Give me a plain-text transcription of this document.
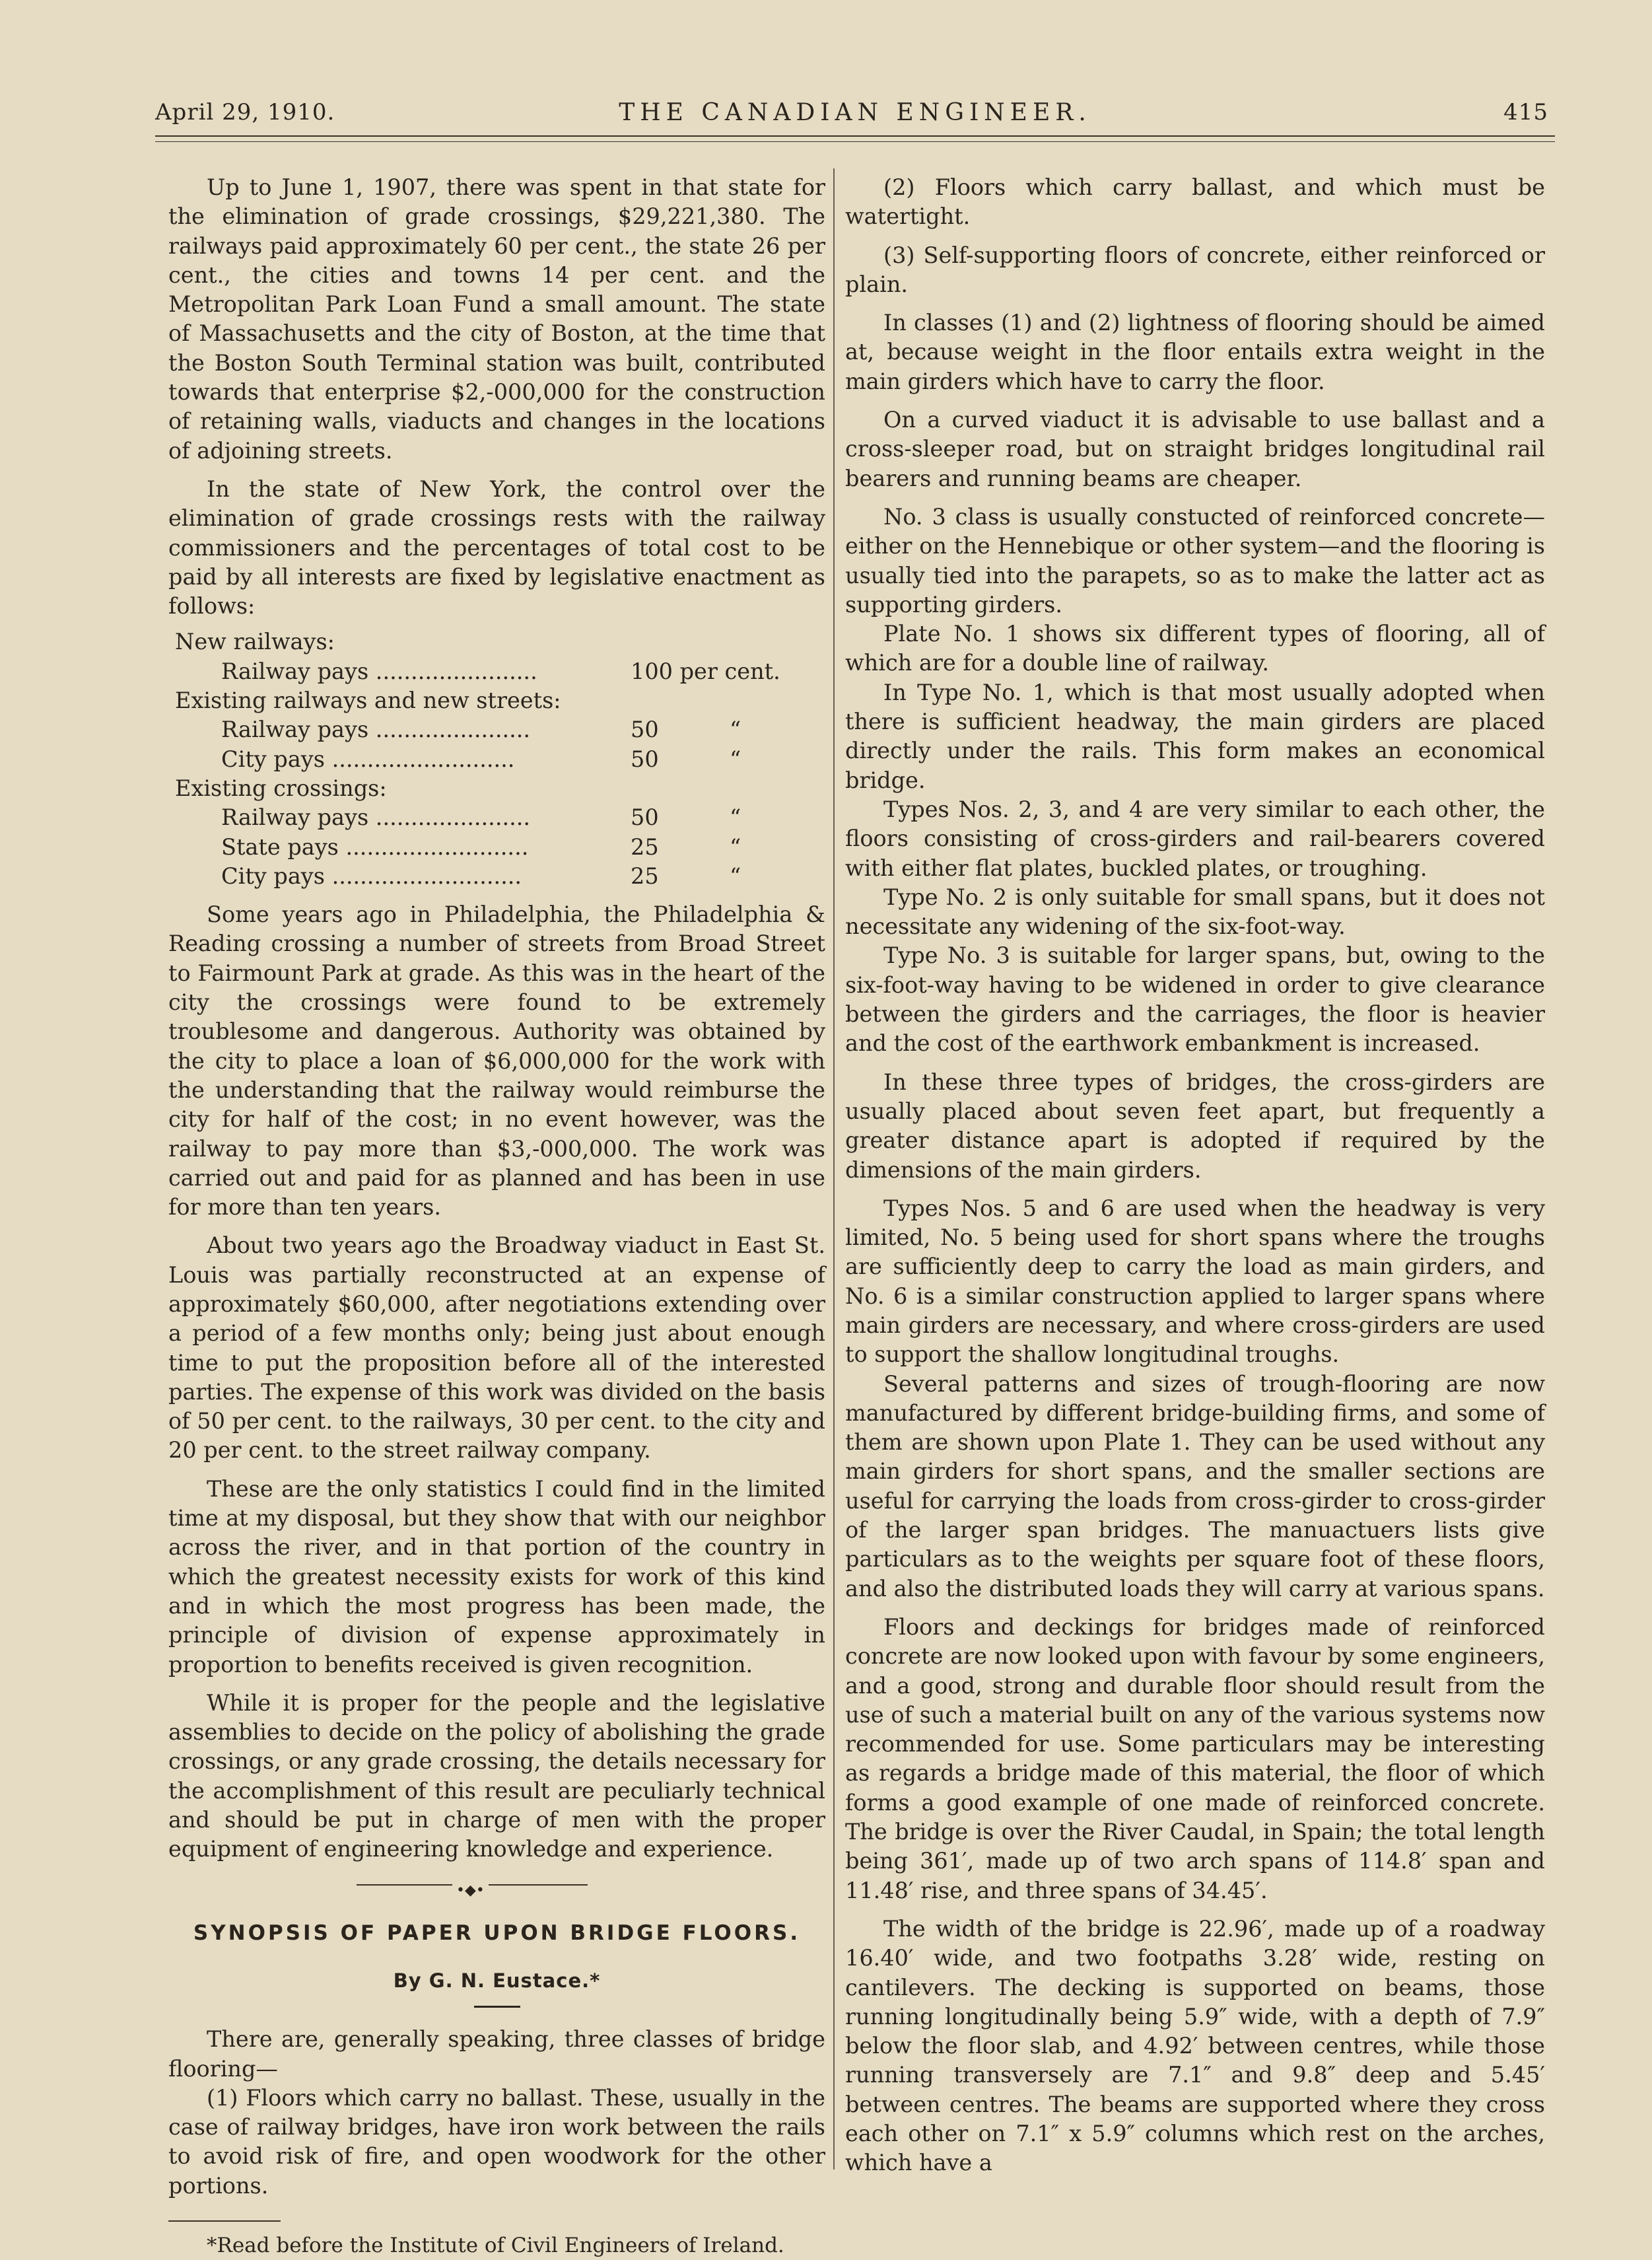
April 29, 1910.	THE CANADIAN ENGINEER.	415

Up to June 1, 1907, there was spent in that state for the elimination of grade crossings, $29,221,380. The railways paid approximately 60 per cent., the state 26 per cent., the cities and towns 14 per cent. and the Metropolitan Park Loan Fund a small amount. The state of Massachusetts and the city of Boston, at the time that the Boston South Terminal station was built, contributed towards that enterprise $2,-000,000 for the construction of retaining walls, viaducts and changes in the locations of adjoining streets.

In the state of New York, the control over the elimination of grade crossings rests with the railway commissioners and the percentages of total cost to be paid by all interests are fixed by legislative enactment as follows:

New railways:
Railway pays .......................	100 per cent.
Existing railways and new streets:
Railway pays ......................	50	“
City pays ..........................	50	“
Existing crossings:
Railway pays ......................	50	“
State pays ..........................	25	“
City pays ...........................	25	“

Some years ago in Philadelphia, the Philadelphia & Reading crossing a number of streets from Broad Street to Fairmount Park at grade. As this was in the heart of the city the crossings were found to be extremely troublesome and dangerous. Authority was obtained by the city to place a loan of $6,000,000 for the work with the understanding that the railway would reimburse the city for half of the cost; in no event however, was the railway to pay more than $3,-000,000. The work was carried out and paid for as planned and has been in use for more than ten years.

About two years ago the Broadway viaduct in East St. Louis was partially reconstructed at an expense of approximately $60,000, after negotiations extending over a period of a few months only; being just about enough time to put the proposition before all of the interested parties. The expense of this work was divided on the basis of 50 per cent. to the railways, 30 per cent. to the city and 20 per cent. to the street railway company.

These are the only statistics I could find in the limited time at my disposal, but they show that with our neighbor across the river, and in that portion of the country in which the greatest necessity exists for work of this kind and in which the most progress has been made, the principle of division of expense approximately in proportion to benefits received is given recognition.

While it is proper for the people and the legislative assemblies to decide on the policy of abolishing the grade crossings, or any grade crossing, the details necessary for the accomplishment of this result are peculiarly technical and should be put in charge of men with the proper equipment of engineering knowledge and experience.

•◆•
SYNOPSIS OF PAPER UPON BRIDGE FLOORS.
By G. N. Eustace.*

There are, generally speaking, three classes of bridge flooring—

(1) Floors which carry no ballast. These, usually in the case of railway bridges, have iron work between the rails to avoid risk of fire, and open woodwork for the other portions.

*Read before the Institute of Civil Engineers of Ireland.

(2) Floors which carry ballast, and which must be watertight.

(3) Self-supporting floors of concrete, either reinforced or plain.

In classes (1) and (2) lightness of flooring should be aimed at, because weight in the floor entails extra weight in the main girders which have to carry the floor.

On a curved viaduct it is advisable to use ballast and a cross-sleeper road, but on straight bridges longitudinal rail bearers and running beams are cheaper.

No. 3 class is usually constucted of reinforced concrete—either on the Hennebique or other system—and the flooring is usually tied into the parapets, so as to make the latter act as supporting girders.

Plate No. 1 shows six different types of flooring, all of which are for a double line of railway.

In Type No. 1, which is that most usually adopted when there is sufficient headway, the main girders are placed directly under the rails. This form makes an economical bridge.

Types Nos. 2, 3, and 4 are very similar to each other, the floors consisting of cross-girders and rail-bearers covered with either flat plates, buckled plates, or troughing.

Type No. 2 is only suitable for small spans, but it does not necessitate any widening of the six-foot-way.

Type No. 3 is suitable for larger spans, but, owing to the six-foot-way having to be widened in order to give clearance between the girders and the carriages, the floor is heavier and the cost of the earthwork embankment is increased.

In these three types of bridges, the cross-girders are usually placed about seven feet apart, but frequently a greater distance apart is adopted if required by the dimensions of the main girders.

Types Nos. 5 and 6 are used when the headway is very limited, No. 5 being used for short spans where the troughs are sufficiently deep to carry the load as main girders, and No. 6 is a similar construction applied to larger spans where main girders are necessary, and where cross-girders are used to support the shallow longitudinal troughs.

Several patterns and sizes of trough-flooring are now manufactured by different bridge-building firms, and some of them are shown upon Plate 1. They can be used without any main girders for short spans, and the smaller sections are useful for carrying the loads from cross-girder to cross-girder of the larger span bridges. The manuactuers lists give particulars as to the weights per square foot of these floors, and also the distributed loads they will carry at various spans.

Floors and deckings for bridges made of reinforced concrete are now looked upon with favour by some engineers, and a good, strong and durable floor should result from the use of such a material built on any of the various systems now recommended for use. Some particulars may be interesting as regards a bridge made of this material, the floor of which forms a good example of one made of reinforced concrete. The bridge is over the River Caudal, in Spain; the total length being 361′, made up of two arch spans of 114.8′ span and 11.48′ rise, and three spans of 34.45′.

The width of the bridge is 22.96′, made up of a roadway 16.40′ wide, and two footpaths 3.28′ wide, resting on cantilevers. The decking is supported on beams, those running longitudinally being 5.9″ wide, with a depth of 7.9″ below the floor slab, and 4.92′ between centres, while those running transversely are 7.1″ and 9.8″ deep and 5.45′ between centres. The beams are supported where they cross each other on 7.1″ x 5.9″ columns which rest on the arches, which have a
